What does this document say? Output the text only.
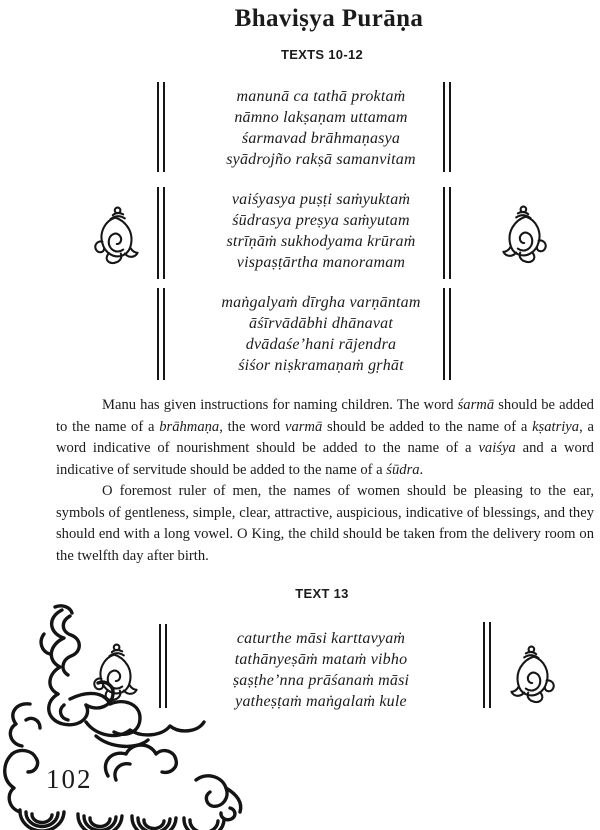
Bhaviṣya Purāṇa
TEXTS 10-12
manunā ca tathā proktaṁ
nāmno lakṣaṇam uttamam
śarmavad brāhmaṇasya
syādrojño rakṣā samanvitam
vaiśyasya puṣṭi saṁyuktaṁ
śūdrasya preṣya saṁyutam
strīṇāṁ sukhodyama krūraṁ
vispaṣṭārtha manoramam
maṅgalyaṁ dīrgha varṇāntam
āśīrvādābhi dhānavat
dvādaśe’hani rājendra
śiśor niṣkramaṇaṁ gṛhāt
caturthe māsi karttavyaṁ
tathānyeṣāṁ mataṁ vibho
ṣaṣṭhe’nna prāśanaṁ māsi
yatheṣṭaṁ maṅgalaṁ kule

Manu has given instructions for naming children. The word śarmā should be added to the name of a brāhmaṇa, the word varmā should be added to the name of a kṣatriya, a word indicative of nourishment should be added to the name of a vaiśya and a word indicative of servitude should be added to the name of a śūdra.

O foremost ruler of men, the names of women should be pleasing to the ear, symbols of gentleness, simple, clear, attractive, auspicious, indicative of blessings, and they should end with a long vowel. O King, the child should be taken from the delivery room on the twelfth day after birth.

TEXT 13
102
